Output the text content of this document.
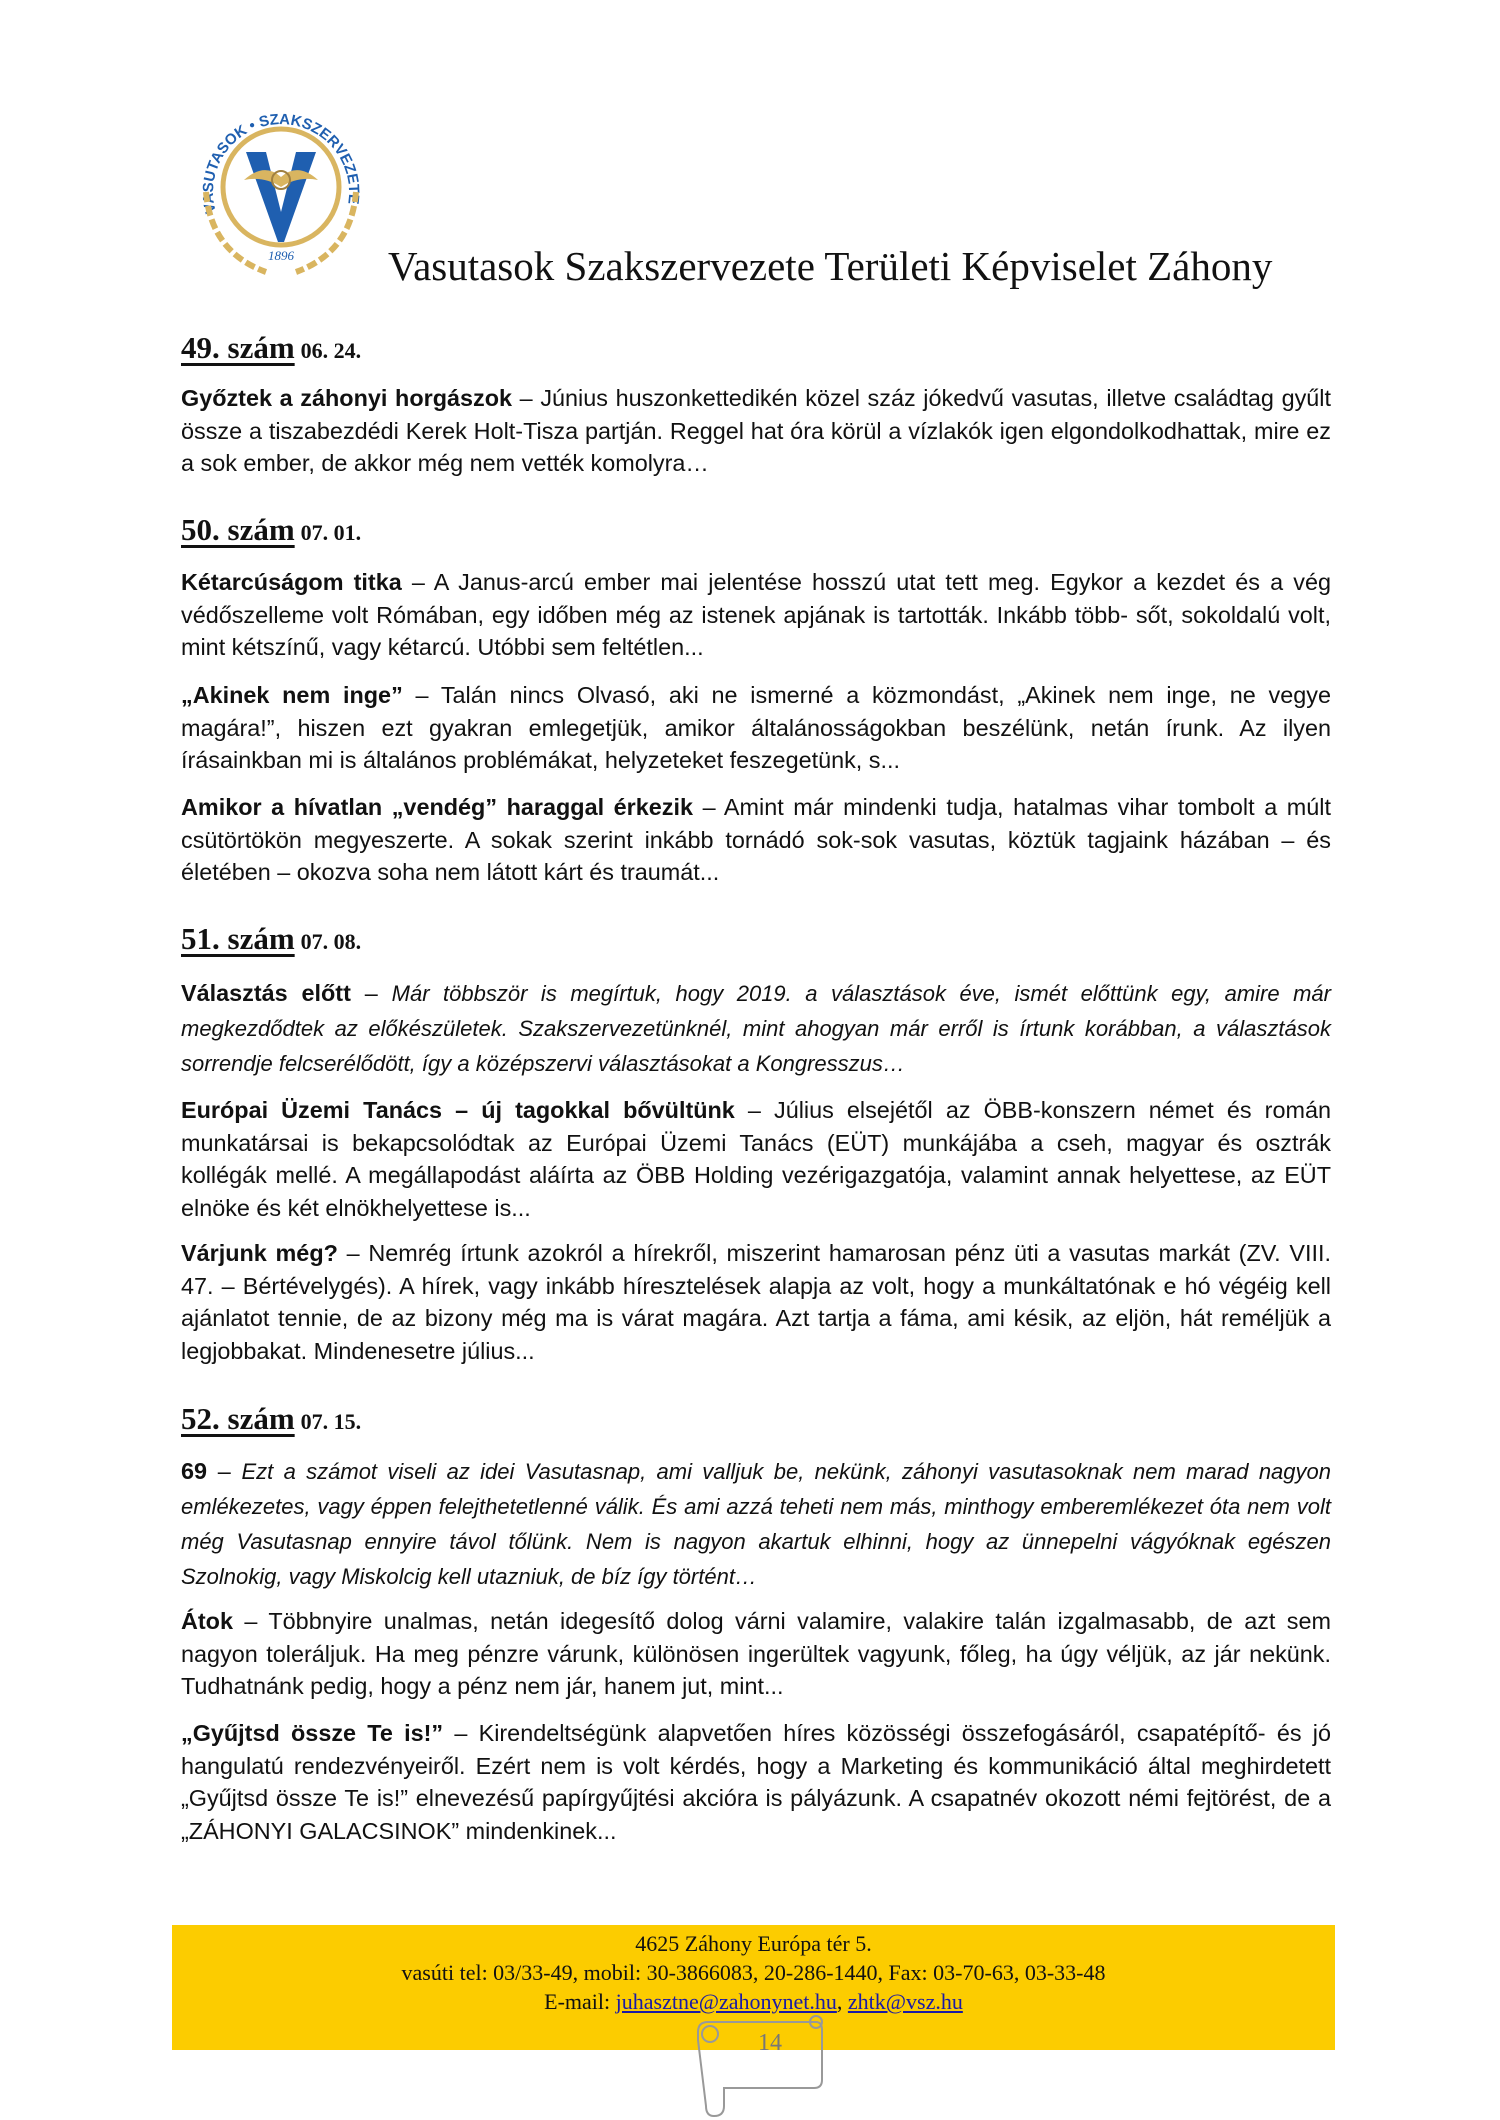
VASUTASOK • SZAKSZERVEZETE
1896 Vasutasok Szakszervezete Területi Képviselet Záhony
49. szám 06. 24.

Győztek a záhonyi horgászok – Június huszonkettedikén közel száz jókedvű vasutas, illetve családtag gyűlt össze a tiszabezdédi Kerek Holt-Tisza partján. Reggel hat óra körül a vízlakók igen elgondolkodhattak, mire ez a sok ember, de akkor még nem vették komolyra…

50. szám 07. 01.

Kétarcúságom titka – A Janus-arcú ember mai jelentése hosszú utat tett meg. Egykor a kezdet és a vég védőszelleme volt Rómában, egy időben még az istenek apjának is tartották. Inkább több- sőt, sokoldalú volt, mint kétszínű, vagy kétarcú. Utóbbi sem feltétlen...

„Akinek nem inge” – Talán nincs Olvasó, aki ne ismerné a közmondást, „Akinek nem inge, ne vegye magára!”, hiszen ezt gyakran emlegetjük, amikor általánosságokban beszélünk, netán írunk. Az ilyen írásainkban mi is általános problémákat, helyzeteket feszegetünk, s...

Amikor a hívatlan „vendég” haraggal érkezik – Amint már mindenki tudja, hatalmas vihar tombolt a múlt csütörtökön megyeszerte. A sokak szerint inkább tornádó sok-sok vasutas, köztük tagjaink házában – és életében – okozva soha nem látott kárt és traumát...

51. szám 07. 08.

Választás előtt – Már többször is megírtuk, hogy 2019. a választások éve, ismét előttünk egy, amire már megkezdődtek az előkészületek. Szakszervezetünknél, mint ahogyan már erről is írtunk korábban, a választások sorrendje felcserélődött, így a középszervi választásokat a Kongresszus…

Európai Üzemi Tanács – új tagokkal bővültünk – Július elsejétől az ÖBB-konszern német és román munkatársai is bekapcsolódtak az Európai Üzemi Tanács (EÜT) munkájába a cseh, magyar és osztrák kollégák mellé. A megállapodást aláírta az ÖBB Holding vezérigazgatója, valamint annak helyettese, az EÜT elnöke és két elnökhelyettese is...

Várjunk még? – Nemrég írtunk azokról a hírekről, miszerint hamarosan pénz üti a vasutas markát (ZV. VIII. 47. – Bértévelygés). A hírek, vagy inkább híresztelések alapja az volt, hogy a munkáltatónak e hó végéig kell ajánlatot tennie, de az bizony még ma is várat magára. Azt tartja a fáma, ami késik, az eljön, hát reméljük a legjobbakat. Mindenesetre július...

52. szám 07. 15.

69 – Ezt a számot viseli az idei Vasutasnap, ami valljuk be, nekünk, záhonyi vasutasoknak nem marad nagyon emlékezetes, vagy éppen felejthetetlenné válik. És ami azzá teheti nem más, minthogy emberemlékezet óta nem volt még Vasutasnap ennyire távol tőlünk. Nem is nagyon akartuk elhinni, hogy az ünnepelni vágyóknak egészen Szolnokig, vagy Miskolcig kell utazniuk, de bíz így történt…

Átok – Többnyire unalmas, netán idegesítő dolog várni valamire, valakire talán izgalmasabb, de azt sem nagyon toleráljuk. Ha meg pénzre várunk, különösen ingerültek vagyunk, főleg, ha úgy véljük, az jár nekünk. Tudhatnánk pedig, hogy a pénz nem jár, hanem jut, mint...

„Gyűjtsd össze Te is!” – Kirendeltségünk alapvetően híres közösségi összefogásáról, csapatépítő- és jó hangulatú rendezvényeiről. Ezért nem is volt kérdés, hogy a Marketing és kommunikáció által meghirdetett „Gyűjtsd össze Te is!” elnevezésű papírgyűjtési akcióra is pályázunk. A csapatnév okozott némi fejtörést, de a „ZÁHONYI GALACSINOK” mindenkinek...

4625 Záhony Európa tér 5.
vasúti tel: 03/33-49, mobil: 30-3866083, 20-286-1440, Fax: 03-70-63, 03-33-48
E-mail: juhasztne@zahonynet.hu, zhtk@vsz.hu
14
